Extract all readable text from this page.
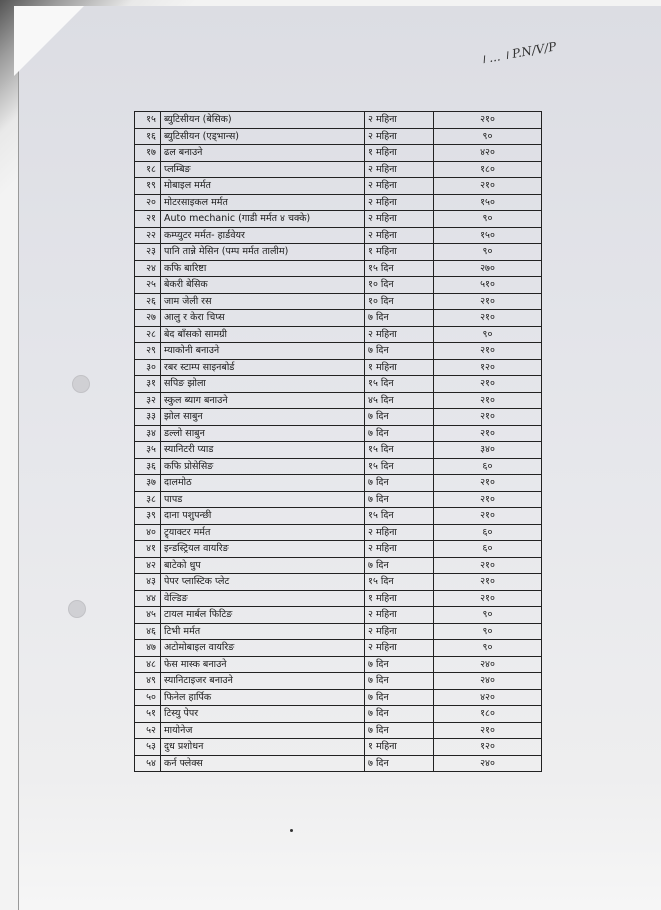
। ... । P.N/V/P
१५	ब्युटिसीयन (बेसिक)	२ महिना	२१०
१६	ब्युटिसीयन (एड्भान्स)	२ महिना	९०
१७	ढल बनाउने	१ महिना	४२०
१८	प्लम्बिङ	२ महिना	१८०
१९	मोबाइल मर्मत	२ महिना	२१०
२०	मोटरसाइकल मर्मत	२ महिना	१५०
२१	Auto mechanic (गाडी मर्मत ४ चक्के)	२ महिना	९०
२२	कम्प्युटर मर्मत- हार्डवेयर	२ महिना	१५०
२३	पानि तान्ने मेसिन (पम्प मर्मत तालीम)	१ महिना	९०
२४	कफि बारिष्टा	१५ दिन	२७०
२५	बेकरी बेसिक	१० दिन	५१०
२६	जाम जेली रस	१० दिन	२१०
२७	आलु र केरा चिप्स	७ दिन	२१०
२८	बेद बाँसको सामग्री	२ महिना	९०
२९	म्याकोनी बनाउने	७ दिन	२१०
३०	रबर स्टाम्प साइनबोर्ड	१ महिना	१२०
३१	सपिङ झोला	१५ दिन	२१०
३२	स्कुल ब्याग बनाउने	४५ दिन	२१०
३३	झोल साबुन	७ दिन	२१०
३४	डल्लो साबुन	७ दिन	२१०
३५	स्यानिटरी प्याड	१५ दिन	३४०
३६	कफि प्रोसेसिङ	१५ दिन	६०
३७	दालमोठ	७ दिन	२१०
३८	पापड	७ दिन	२१०
३९	दाना पशुपन्छी	१५ दिन	२१०
४०	ट्र्याक्टर मर्मत	२ महिना	६०
४१	इन्डस्ट्रियल वायरिङ	२ महिना	६०
४२	बाटेको धुप	७ दिन	२१०
४३	पेपर प्लास्टिक प्लेट	१५ दिन	२१०
४४	वेल्डिङ	१ महिना	२१०
४५	टायल मार्बल फिटिङ	२ महिना	९०
४६	टिभी मर्मत	२ महिना	९०
४७	अटोमोबाइल वायरिङ	२ महिना	९०
४८	फेस मास्क बनाउने	७ दिन	२४०
४९	स्यानिटाइजर बनाउने	७ दिन	२४०
५०	फिनेल हार्पिक	७ दिन	४२०
५१	टिस्यु पेपर	७ दिन	१८०
५२	मायोनेज	७ दिन	२१०
५३	दुध प्रशोधन	१ महिना	१२०
५४	कर्न फ्लेक्स	७ दिन	२४०
